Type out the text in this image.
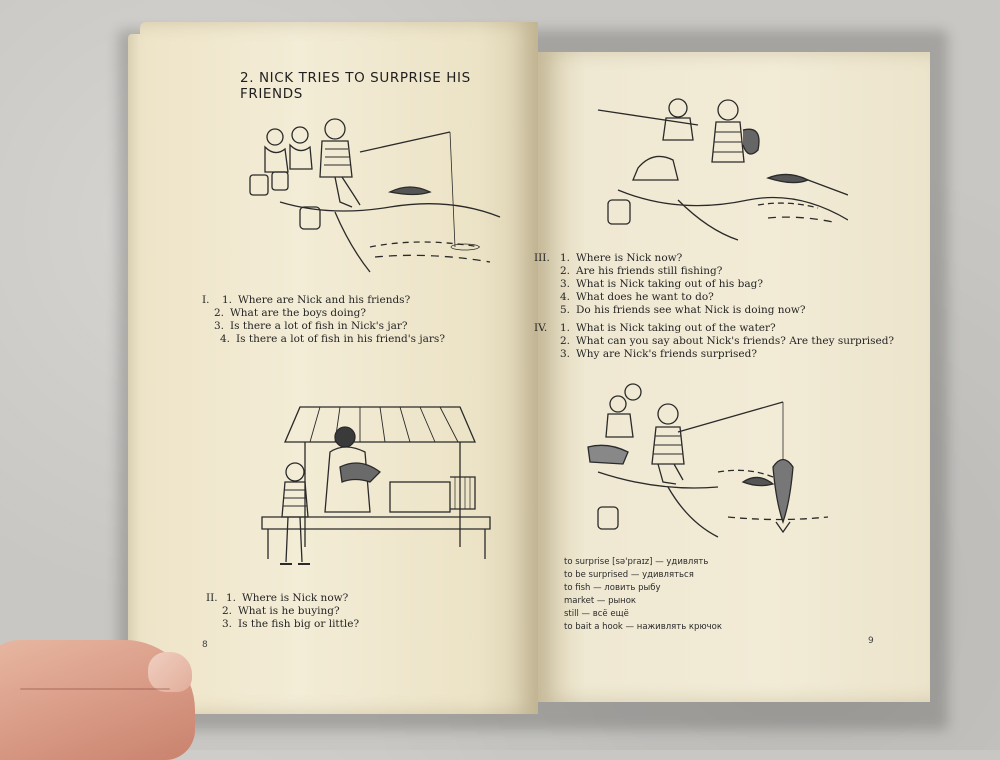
2. NICK TRIES TO SURPRISE HIS FRIENDS
I. 1. Where are Nick and his friends?
2. What are the boys doing?
3. Is there a lot of fish in Nick's jar?
4. Is there a lot of fish in his friend's jars?
II. 1. Where is Nick now?
2. What is he buying?
3. Is the fish big or little?
8
III. 1. Where is Nick now?
2. Are his friends still fishing?
3. What is Nick taking out of his bag?
4. What does he want to do?
5. Do his friends see what Nick is doing now?
IV. 1. What is Nick taking out of the water?
2. What can you say about Nick's friends? Are they surprised?
3. Why are Nick's friends surprised?
to surprise [sə'praɪz] — удивлять
to be surprised — удивляться
to fish — ловить рыбу
market — рынок
still — всё ещё
to bait a hook — наживлять крючок
9
